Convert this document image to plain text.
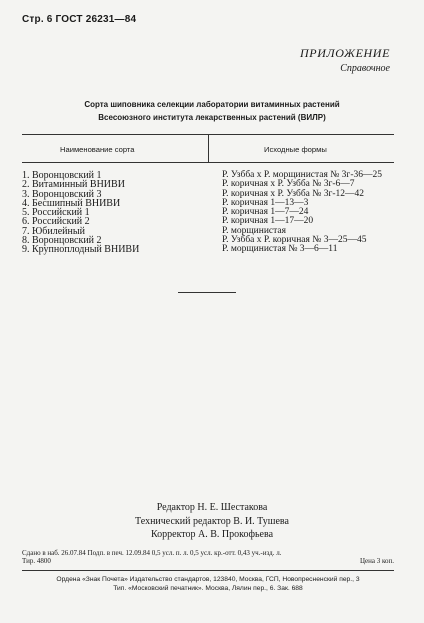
Стр. 6 ГОСТ 26231—84
ПРИЛОЖЕНИЕ
Справочное
Сорта шиповника селекции лаборатории витаминных растений
Всесоюзного института лекарственных растений (ВИЛР)
Наименование сорта	Исходные формы
1. Воронцовский 1
2. Витаминный ВНИВИ
3. Воронцовский 3
4. Бесшипный ВНИВИ
5. Российский 1
6. Российский 2
7. Юбилейный
8. Воронцовский 2
9. Крупноплодный ВНИВИ
Р. Узбба х Р. морщинистая № 3г-36—25
Р. коричная х Р. Узбба № 3г-6—7
Р. коричная х Р. Узбба № 3г-12—42
Р. коричная 1—13—3
Р. коричная 1—7—24
Р. коричная 1—17—20
Р. морщинистая
Р. Узбба х Р. коричная № 3—25—45
Р. морщинистая № 3—6—11
Редактор Н. Е. Шестакова
Технический редактор В. И. Тушева
Корректор А. В. Прокофьева
Сдано в наб. 26.07.84 Подп. в печ. 12.09.84 0,5 усл. п. л. 0,5 усл. кр.-отт. 0,43 уч.-изд. л.
Тир. 4800	Цена 3 коп.
Ордена «Знак Почета» Издательство стандартов, 123840, Москва, ГСП, Новопресненский пер., 3
Тип. «Московский печатник». Москва, Лялин пер., 6. Зак. 688
